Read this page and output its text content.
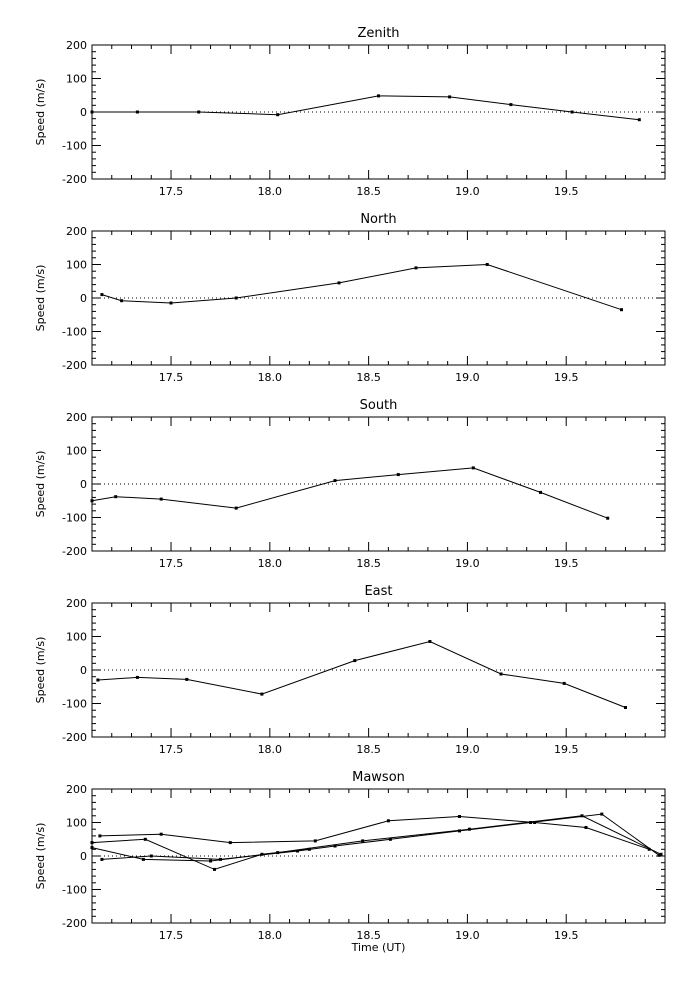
Zenith
Speed (m/s)
200
100
0
-100
-200
17.5	18.0	18.5	19.0	19.5
North
Speed (m/s)
200
100
0
-100
-200
17.5	18.0	18.5	19.0	19.5
South
Speed (m/s)
200
100
0
-100
-200
17.5	18.0	18.5	19.0	19.5
East
Speed (m/s)
200
100
0
-100
-200
17.5	18.0	18.5	19.0	19.5
Mawson
Speed (m/s)
200
100
0
-100
-200
17.5	18.0	18.5	19.0	19.5
Time (UT)
